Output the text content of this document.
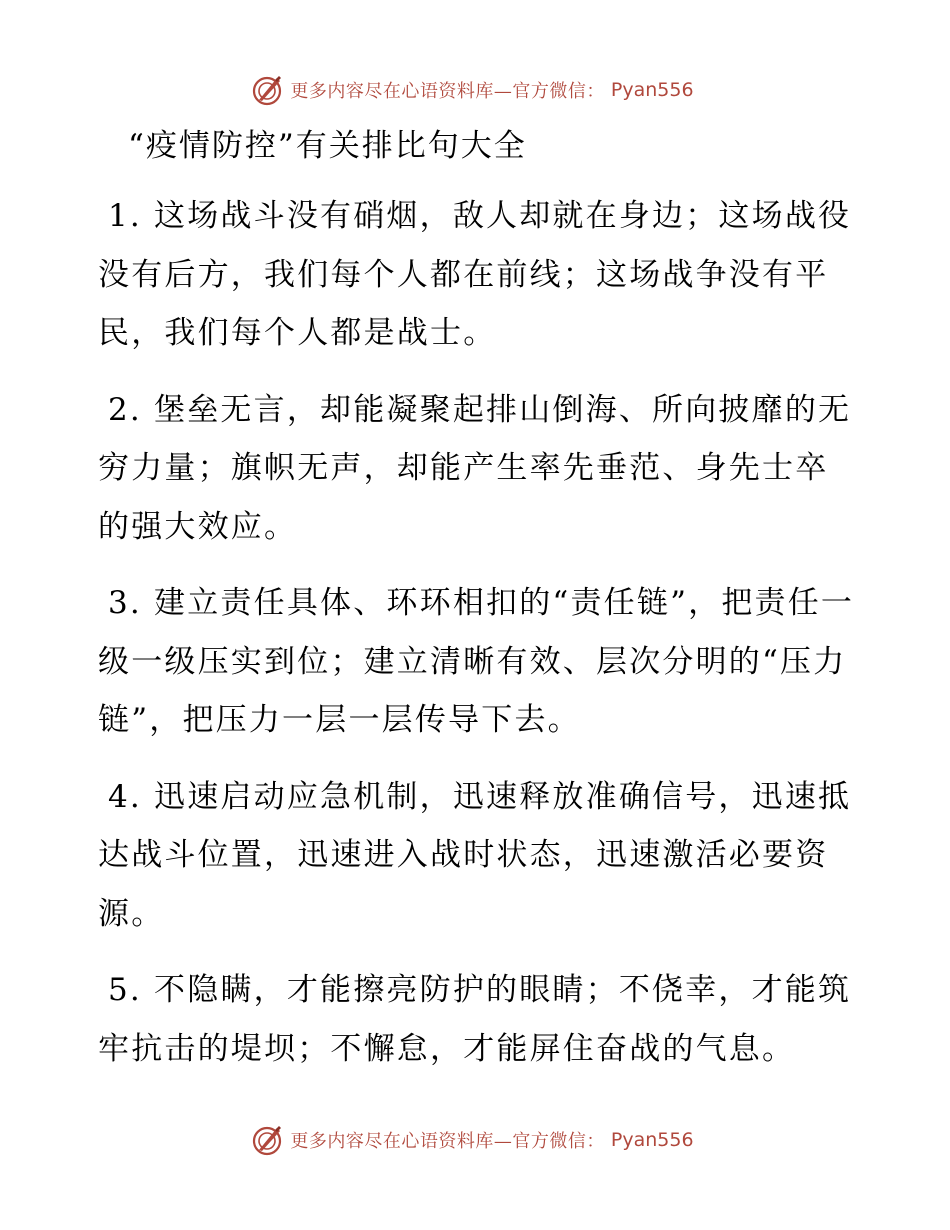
更多内容尽在心语资料库—官方微信： Pyan556
“疫情防控”有关排比句大全

1. 这场战斗没有硝烟，敌人却就在身边；这场战役没有后方，我们每个人都在前线；这场战争没有平民，我们每个人都是战士。

2. 堡垒无言，却能凝聚起排山倒海、所向披靡的无穷力量；旗帜无声，却能产生率先垂范、身先士卒的强大效应。

3. 建立责任具体、环环相扣的“责任链”，把责任一级一级压实到位；建立清晰有效、层次分明的“压力链”，把压力一层一层传导下去。

4. 迅速启动应急机制，迅速释放准确信号，迅速抵达战斗位置，迅速进入战时状态，迅速激活必要资源。

5. 不隐瞒，才能擦亮防护的眼睛；不侥幸，才能筑牢抗击的堤坝；不懈怠，才能屏住奋战的气息。

更多内容尽在心语资料库—官方微信： Pyan556
